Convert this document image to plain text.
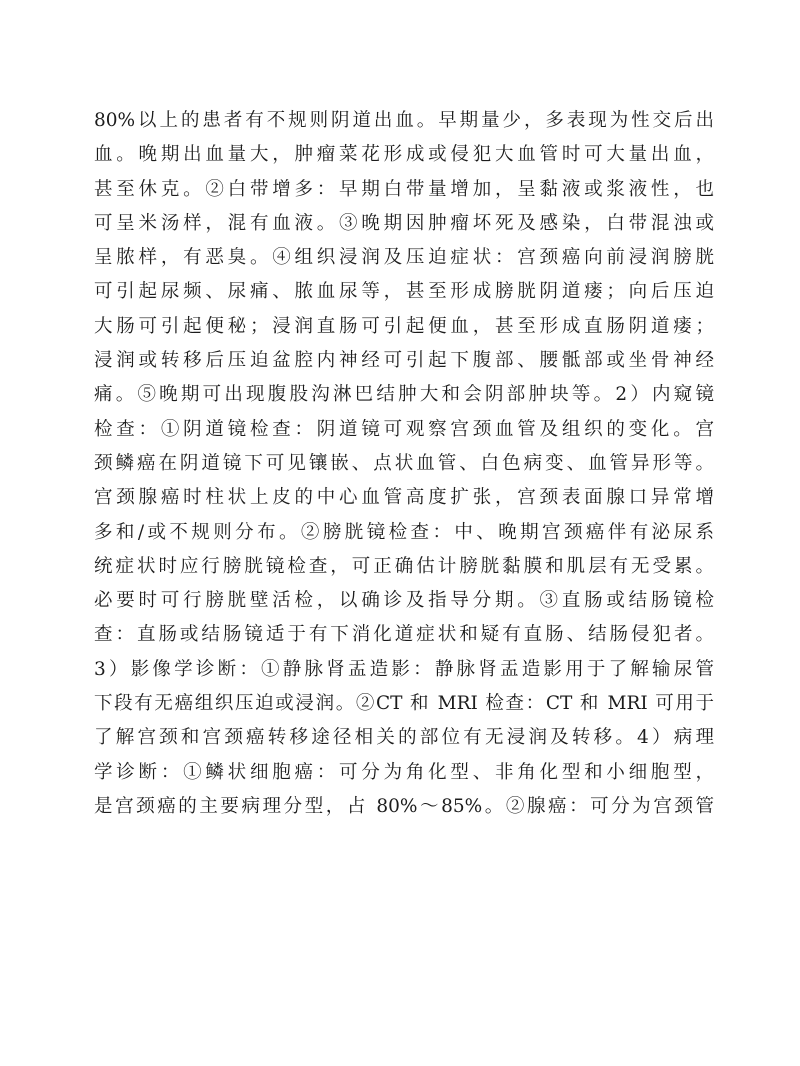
80%以上的患者有不规则阴道出血。早期量少，多表现为性交后出
血。晚期出血量大，肿瘤菜花形成或侵犯大血管时可大量出血，
甚至休克。②白带增多：早期白带量增加，呈黏液或浆液性，也
可呈米汤样，混有血液。③晚期因肿瘤坏死及感染，白带混浊或
呈脓样，有恶臭。④组织浸润及压迫症状：宫颈癌向前浸润膀胱
可引起尿频、尿痛、脓血尿等，甚至形成膀胱阴道瘘；向后压迫
大肠可引起便秘；浸润直肠可引起便血，甚至形成直肠阴道瘘；
浸润或转移后压迫盆腔内神经可引起下腹部、腰骶部或坐骨神经
痛。⑤晚期可出现腹股沟淋巴结肿大和会阴部肿块等。2）内窥镜
检查：①阴道镜检查：阴道镜可观察宫颈血管及组织的变化。宫
颈鳞癌在阴道镜下可见镶嵌、点状血管、白色病变、血管异形等。
宫颈腺癌时柱状上皮的中心血管高度扩张，宫颈表面腺口异常增
多和/或不规则分布。②膀胱镜检查：中、晚期宫颈癌伴有泌尿系
统症状时应行膀胱镜检查，可正确估计膀胱黏膜和肌层有无受累。
必要时可行膀胱壁活检，以确诊及指导分期。③直肠或结肠镜检
查：直肠或结肠镜适于有下消化道症状和疑有直肠、结肠侵犯者。
3）影像学诊断：①静脉肾盂造影：静脉肾盂造影用于了解输尿管
下段有无癌组织压迫或浸润。②CT 和 MRI 检查：CT 和 MRI 可用于
了解宫颈和宫颈癌转移途径相关的部位有无浸润及转移。4）病理
学诊断：①鳞状细胞癌：可分为角化型、非角化型和小细胞型，
是宫颈癌的主要病理分型，占 80%～85%。②腺癌：可分为宫颈管
